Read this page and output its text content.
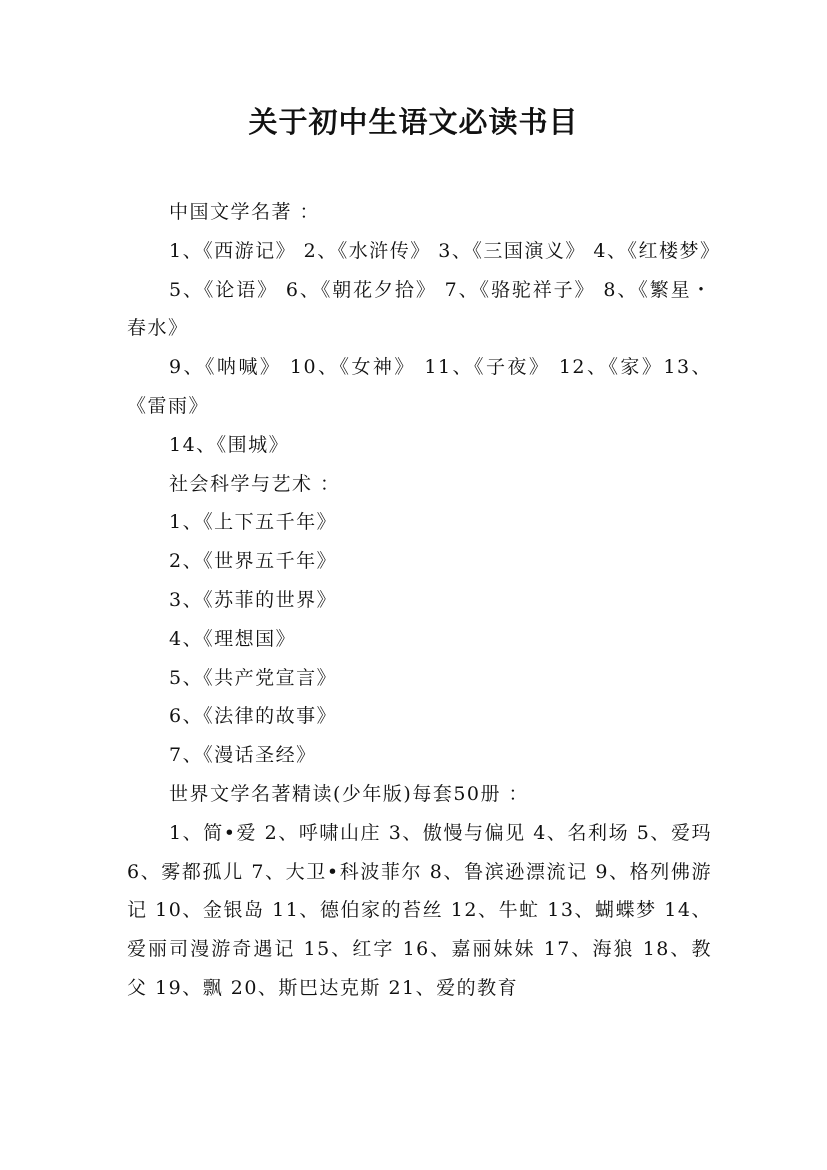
关于初中生语文必读书目

中国文学名著 ：

1、《西游记》 2、《水浒传》 3、《三国演义》 4、《红楼梦》

5、《论语》 6、《朝花夕拾》 7、《骆驼祥子》 8、《繁星・春水》

9、《呐喊》 10、《女神》 11、《子夜》 12、《家》13、《雷雨》

14、《围城》

社会科学与艺术 ：

1、《上下五千年》

2、《世界五千年》

3、《苏菲的世界》

4、《理想国》

5、《共产党宣言》

6、《法律的故事》

7、《漫话圣经》

世界文学名著精读(少年版)每套50册 ：

1、简•爱 2、呼啸山庄 3、傲慢与偏见 4、名利场 5、爱玛 6、雾都孤儿 7、大卫•科波菲尔 8、鲁滨逊漂流记 9、格列佛游记 10、金银岛 11、德伯家的苔丝 12、牛虻 13、蝴蝶梦 14、爱丽司漫游奇遇记 15、红字 16、嘉丽妹妹 17、海狼 18、教父 19、飘 20、斯巴达克斯 21、爱的教育
